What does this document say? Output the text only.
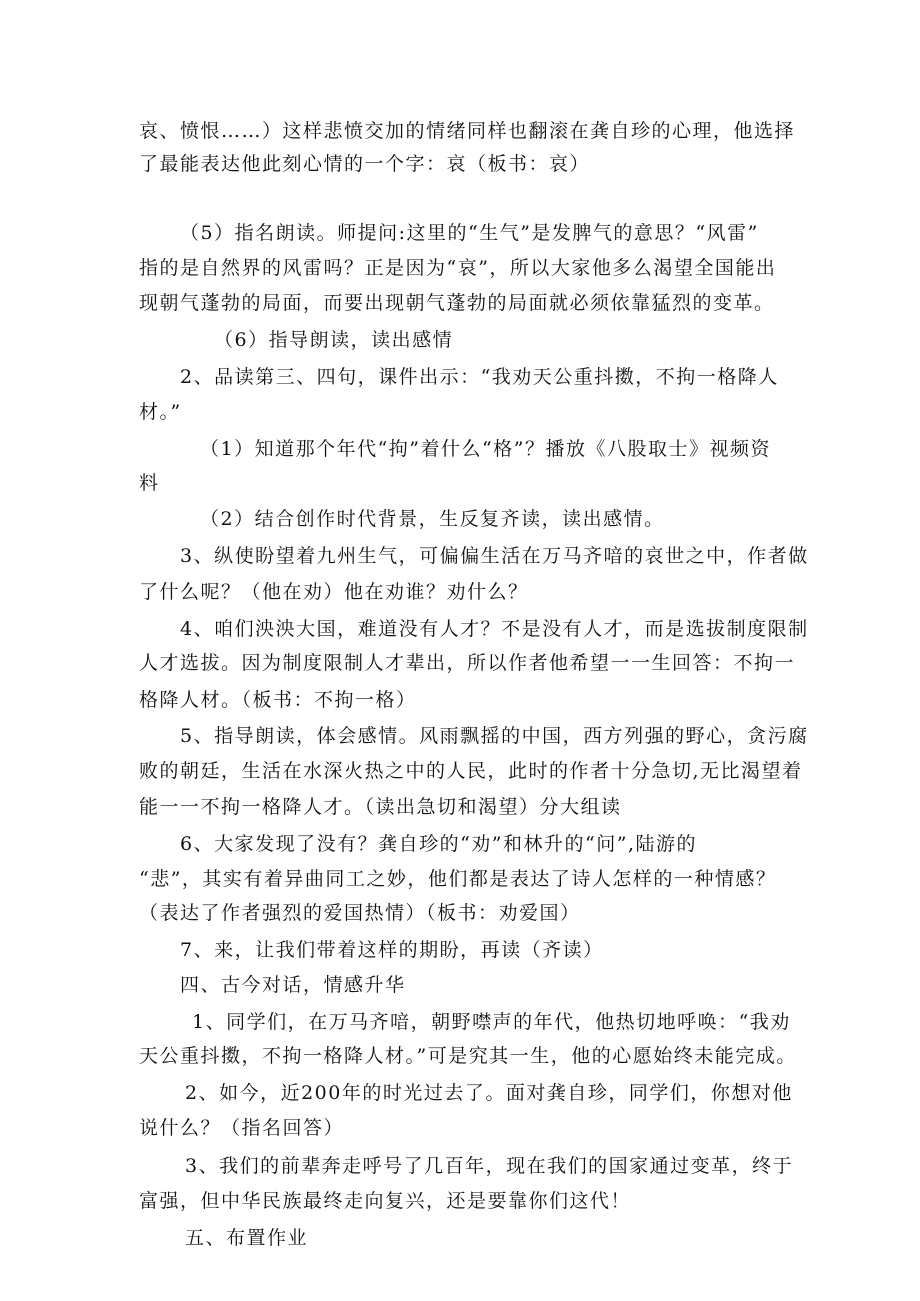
哀、愤恨……）这样悲愤交加的情绪同样也翻滚在龚自珍的心理，他选择
了最能表达他此刻心情的一个字：哀（板书：哀）
（5）指名朗读。师提问:这里的“生气”是发脾气的意思？“风雷”
指的是自然界的风雷吗？正是因为“哀”，所以大家他多么渴望全国能出
现朝气蓬勃的局面，而要出现朝气蓬勃的局面就必须依靠猛烈的变革。
（6）指导朗读，读出感情
2、品读第三、四句，课件出示：“我劝天公重抖擞，不拘一格降人
材。”
（1）知道那个年代“拘”着什么“格”？播放《八股取士》视频资
料
（2）结合创作时代背景，生反复齐读，读出感情。
3、纵使盼望着九州生气，可偏偏生活在万马齐喑的哀世之中，作者做
了什么呢？（他在劝）他在劝谁？劝什么？
4、咱们泱泱大国，难道没有人才？不是没有人才，而是选拔制度限制
人才选拔。因为制度限制人才辈出，所以作者他希望一一生回答：不拘一
格降人材。（板书：不拘一格）
5、指导朗读，体会感情。风雨飘摇的中国，西方列强的野心，贪污腐
败的朝廷，生活在水深火热之中的人民，此时的作者十分急切,无比渴望着
能一一不拘一格降人才。（读出急切和渴望）分大组读
6、大家发现了没有？龚自珍的“劝”和林升的“问”,陆游的
“悲”，其实有着异曲同工之妙，他们都是表达了诗人怎样的一种情感？
（表达了作者强烈的爱国热情）（板书：劝爱国）
7、来，让我们带着这样的期盼，再读（齐读）
四、古今对话，情感升华
1、同学们，在万马齐喑，朝野噤声的年代，他热切地呼唤：“我劝
天公重抖擞，不拘一格降人材。”可是究其一生，他的心愿始终未能完成。
2、如今，近200年的时光过去了。面对龚自珍，同学们，你想对他
说什么？（指名回答）
3、我们的前辈奔走呼号了几百年，现在我们的国家通过变革，终于
富强，但中华民族最终走向复兴，还是要靠你们这代！
五、布置作业
